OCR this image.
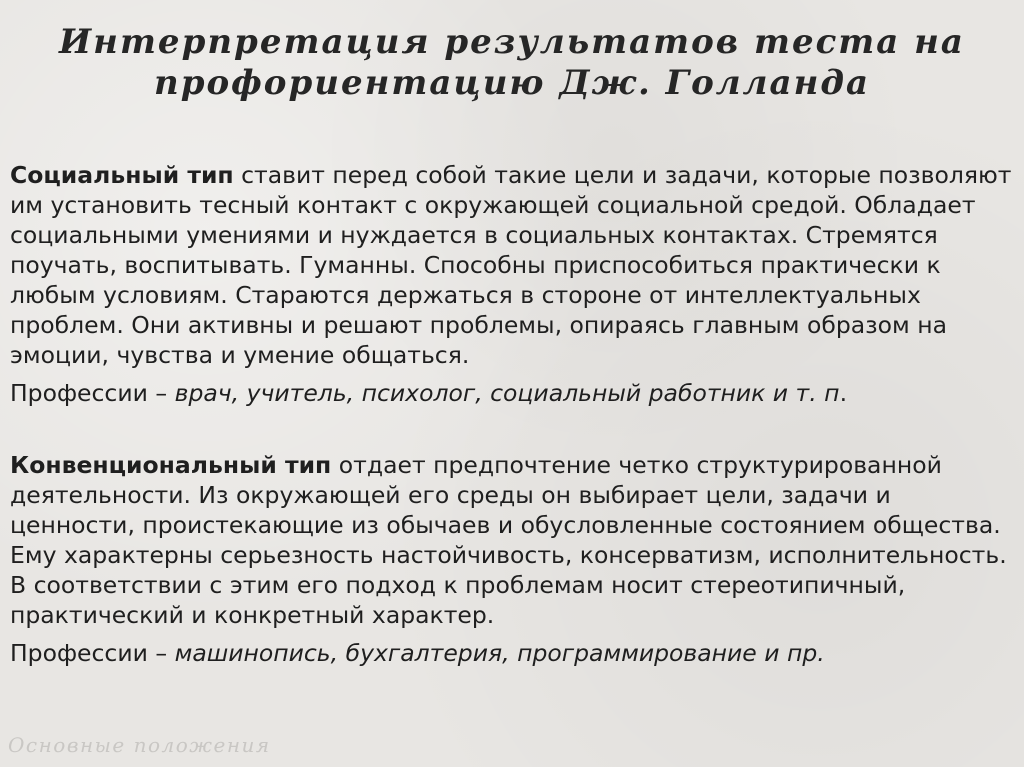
Интерпретация результатов теста на
профориентацию Дж. Голланда

Социальный тип ставит перед собой такие цели и задачи, которые позволяют им установить тесный контакт с окружающей социальной средой. Обладает социальными умениями и нуждается в социальных контактах. Стремятся поучать, воспитывать. Гуманны. Способны приспособиться практически к любым условиям. Стараются держаться в стороне от интеллектуальных проблем. Они активны и решают проблемы, опираясь главным образом на эмоции, чувства и умение общаться.

Профессии – врач, учитель, психолог, социальный работник и т. п.

Конвенциональный тип отдает предпочтение четко структурированной деятельности. Из окружающей его среды он выбирает цели, задачи и ценности, проистекающие из обычаев и обусловленные состоянием общества. Ему характерны серьезность настойчивость, консерватизм, исполнительность. В соответствии с этим его подход к проблемам носит стереотипичный, практический и конкретный характер.

Профессии – машинопись, бухгалтерия, программирование и пр.

Основные положения
